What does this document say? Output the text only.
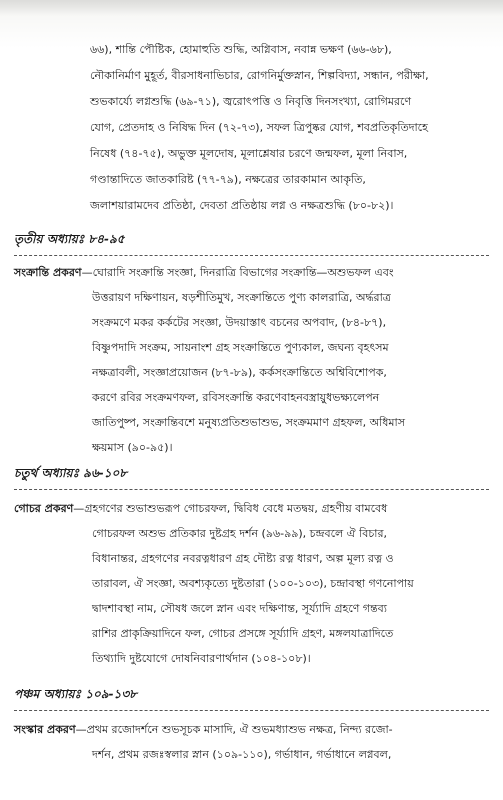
৬৬), শান্তি পৌষ্টিক, হোমাহুতি শুদ্ধি, অগ্নিবাস, নবান্ন ভক্ষণ (৬৬-৬৮),
নৌকানির্মাণ মুহূর্ত, বীরসাধনাভিচার, রোগনির্মুক্তস্নান, শিল্পবিদ্যা, সন্ধান, পরীক্ষা,
শুভকার্য্যে লগ্নশুদ্ধি (৬৯-৭১), জ্বরোৎপত্তি ও নিবৃত্তি দিনসংখ্যা, রোগিমরণে
যোগ, প্রেতদাহ ও নিষিদ্ধ দিন (৭২-৭৩), সফল ত্রিপুষ্কর যোগ, শবপ্রতিকৃতিদাহে
নিষেধ (৭৪-৭৫), অভুক্ত মূলদোষ, মূলাশ্লেষার চরণে জন্মফল, মূলা নিবাস,
গণ্ডান্তাদিতে জাতকারিষ্ট (৭৭-৭৯), নক্ষত্রের তারকামান আকৃতি,
জলাশয়ারামদেব প্রতিষ্ঠা, দেবতা প্রতিষ্ঠায় লগ্ন ও নক্ষত্রশুদ্ধি (৮০-৮২)।
তৃতীয় অধ্যায়ঃ ৮৪-৯৫
সংক্রান্তি প্রকরণ—ঘোরাদি সংক্রান্তি সংজ্ঞা, দিনরাত্রি বিভাগের সংক্রান্তি—অশুভফল এবং
উত্তরায়ণ দক্ষিণায়ন, ষড়শীতিমুখ, সংক্রান্তিতে পুণ্য কালরাত্রি, অর্দ্ধরাত্র
সংক্রমণে মকর কর্কটের সংজ্ঞা, উদয়াস্তাৎ বচনের অপবাদ, (৮৪-৮৭),
বিষ্ণুপদাদি সংক্রম, সায়নাংশ গ্রহ সংক্রান্তিতে পুণ্যকাল, জঘন্য বৃহৎসম
নক্ষত্রাবলী, সংজ্ঞাপ্রয়োজন (৮৭-৮৯), কর্কসংক্রান্তিতে অশ্বিবিশোপক,
করণে রবির সংক্রমণফল, রবিসংক্রান্তি করণেবাহনবস্ত্রায়ুধভক্ষ্যলেপন
জাতিপুষ্প, সংক্রান্তিবশে মনুষ্যপ্রতিশুভাশুভ, সংক্রমমাণ গ্রহফল, অধিমাস
ক্ষয়মাস (৯০-৯৫)।
চতুর্থ অধ্যায়ঃ ৯৬-১০৮
গোচর প্রকরণ—গ্রহগণের শুভাশুভরূপ গোচরফল, দ্বিবিধ বেধে মতদ্বয়, গ্রহণীয় বামবেধ
গোচরফল অশুভ প্রতিকার দুষ্টগ্রহ দর্শন (৯৬-৯৯), চন্দ্রবলে ঐ বিচার,
বিধানান্তর, গ্রহগণের নবরত্নধারণ গ্রহ দৌষ্ট্য রত্ন ধারণ, অল্প মূল্য রত্ন ও
তারাবল, ঐ সংজ্ঞা, অবশ্যকৃত্যে দুষ্টতারা (১০০-১০৩), চন্দ্রাবস্থা গণনোপায়
দ্বাদশাবস্থা নাম, সৌষধ জলে স্নান এবং দক্ষিণান্ত, সূর্য্যাদি গ্রহণে গন্তব্য
রাশির প্রাকৃক্রিয়াদিনে ফল, গোচর প্রসঙ্গে সূর্য্যাদি গ্রহণ, মঙ্গলযাত্রাদিতে
তিথ্যাদি দুষ্টযোগে দোষনিবারণার্থদান (১০৪-১০৮)।
পঞ্চম অধ্যায়ঃ ১০৯-১৩৮
সংস্কার প্রকরণ—প্রথম রজোদর্শনে শুভসূচক মাসাদি, ঐ শুভমধ্যাশুভ নক্ষত্র, নিন্দ্য রজো-
দর্শন, প্রথম রজঃস্বলার স্নান (১০৯-১১০), গর্ভাধান, গর্ভাধানে লগ্নবল,
